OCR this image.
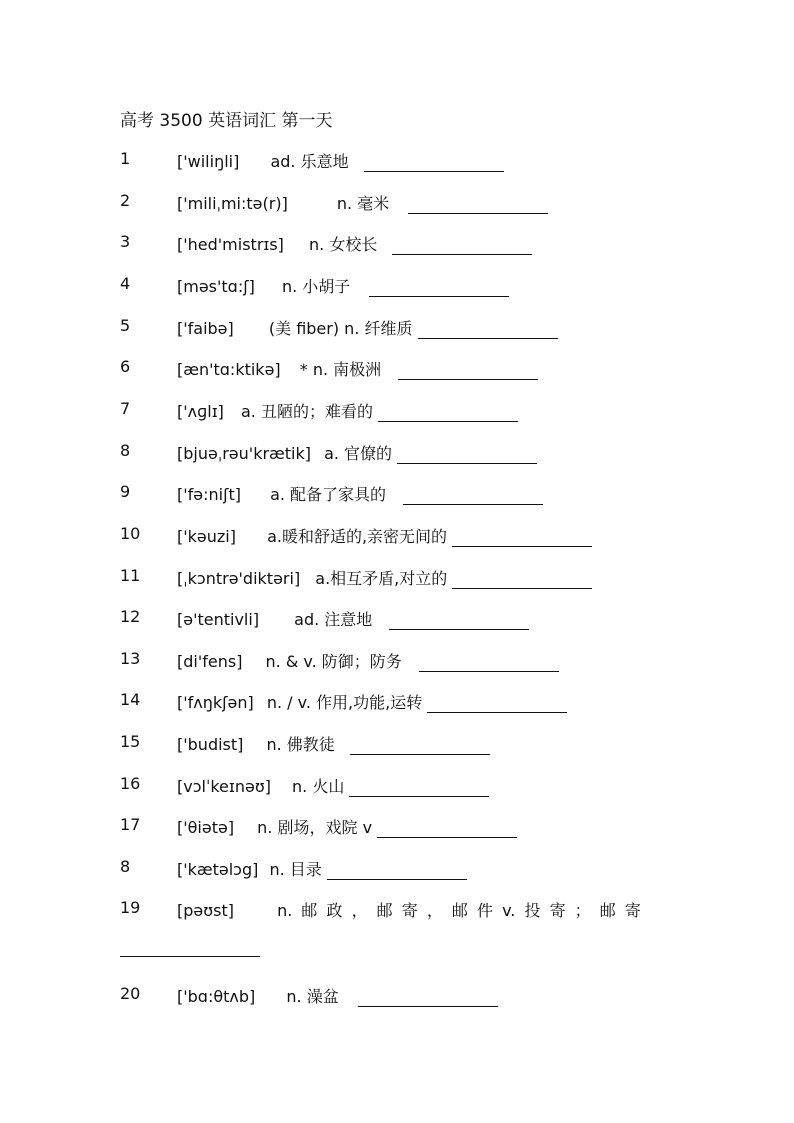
高考 3500 英语词汇 第一天
1	['wiliŋli] ad. 乐意地
2	['miliˌmi:tə(r)]	n. 毫米
3	['hed'mistrɪs] n. 女校长
4	[məs'tɑ:ʃ] n. 小胡子
5	['faibə] (美 fiber) n. 纤维质
6	[æn'tɑ:ktikə] * n. 南极洲
7	['ʌɡlɪ] a. 丑陋的；难看的
8	[bjuəˌrəu'krætik] a. 官僚的
9	['fə:niʃt] a. 配备了家具的
10 ['kəuzi] a.暖和舒适的,亲密无间的
11 [ˌkɔntrə'diktəri] a.相互矛盾,对立的
12 [ə'tentivli] ad. 注意地
13 [di'fens] n. & v. 防御；防务
14 ['fʌŋkʃən] n. / v. 作用,功能,运转
15 ['budist] n. 佛教徒
16 [vɔlˈkeɪnəʊ] n. 火山
17 ['θiətə] n. 剧场，戏院 v
8	['kætəlɔg] n. 目录
19 [pəʊst]	n. 邮 政 ， 邮 寄 ， 邮 件 v. 投 寄 ； 邮 寄
20 ['bɑ:θtʌb] n. 澡盆
